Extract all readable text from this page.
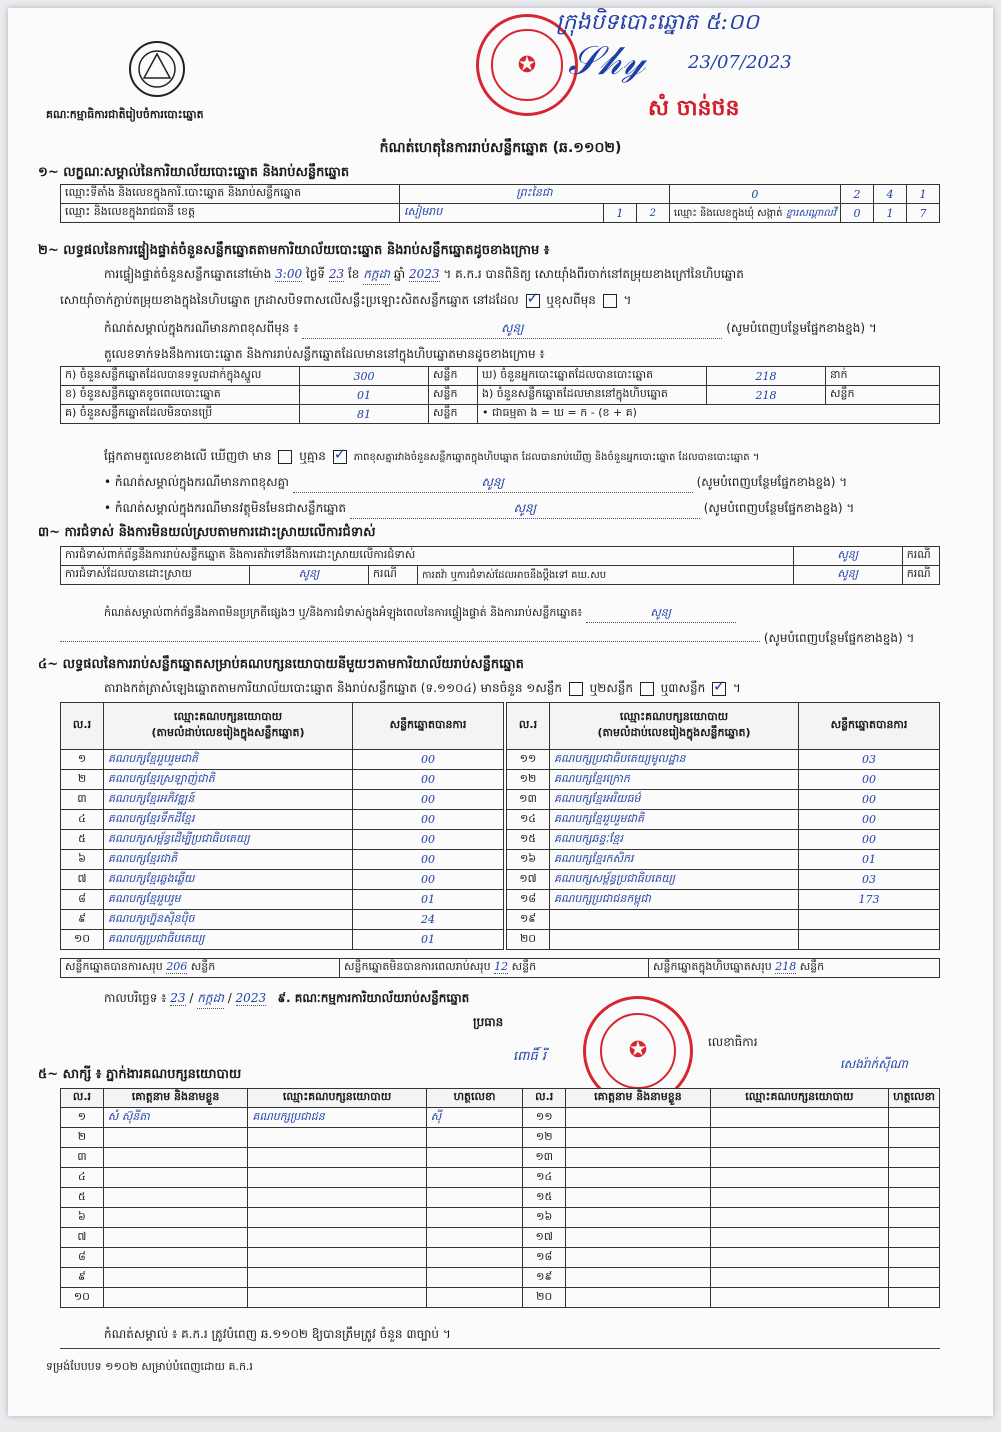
គណៈកម្មាធិការជាតិរៀបចំការបោះឆ្នោត
✪
ក្រុងបិទបោះឆ្នោត ៥:០០
𝒮𝒽𝓎 23/07/2023
សំ ចាន់ថន
កំណត់ហេតុនៃការរាប់សន្លឹកឆ្នោត (ឆ.១១០២)
១~ លក្ខណៈសម្គាល់នៃការិយាល័យបោះឆ្នោត និងរាប់សន្លឹកឆ្នោត
ឈ្មោះទីតាំង និងលេខក្នុងការិ.បោះឆ្នោត និងរាប់សន្លឹកឆ្នោត	ព្រះនៃជា			0	2	4	1
ឈ្មោះ និងលេខក្នុងរាជធានី ខេត្ត	សៀមរាប	1	2	ឈ្មោះ និងលេខក្នុងឃុំ សង្កាត់ ខ្នារសណ្តាលវី	0	1	7
២~ លទ្ធផលនៃការផ្ទៀងផ្ទាត់ចំនួនសន្លឹកឆ្នោតតាមការិយាល័យបោះឆ្នោត និងរាប់សន្លឹកឆ្នោតដូចខាងក្រោម ៖
ការផ្ទៀងផ្ទាត់ចំនួនសន្លឹកឆ្នោតនៅម៉ោង 3:00 ថ្ងៃទី 23 ខែ កក្កដា ឆ្នាំ 2023 ។ គ.ក.រ បានពិនិត្យ សោយ៉ាំងពីរចាក់នៅតម្រុយខាងក្រៅនៃហិបឆ្នោត
សោយ៉ាំចាក់ភ្ជាប់តម្រុយខាងក្នុងនៃហិបឆ្នោត ក្រដាសបិទពាសលើសន្លឹះប្រឡោះសិតសន្លឹកឆ្នោត នៅដដែល ✓ ឬខុសពីមុន  ។
កំណត់សម្គាល់ក្នុងករណីមានភាពខុសពីមុន ៖	សូន្យ	(សូមបំពេញបន្ថែមផ្នែកខាងខ្នង) ។
តួលេខទាក់ទងនឹងការបោះឆ្នោត និងការរាប់សន្លឹកឆ្នោតដែលមាននៅក្នុងហិបឆ្នោតមានដូចខាងក្រោម ៖
ក) ចំនួនសន្លឹកឆ្នោតដែលបានទទួលដាក់ក្នុងស្នួល	300	សន្លឹក	ឃ) ចំនួនអ្នកបោះឆ្នោតដែលបានបោះឆ្នោត	218	នាក់
ខ) ចំនួនសន្លឹកឆ្នោតខូចពេលបោះឆ្នោត	01	សន្លឹក	ង) ចំនួនសន្លឹកឆ្នោតដែលមាននៅក្នុងហិបឆ្នោត	218	សន្លឹក
គ) ចំនួនសន្លឹកឆ្នោតដែលមិនបានប្រើ	81	សន្លឹក	• ជាធម្មតា ង = ឃ = ក - (ខ + គ)		
ផ្អែកតាមតួលេខខាងលើ ឃើញថា មាន ឬគ្មាន ✓	ភាពខុសគ្នារវាងចំនួនសន្លឹកឆ្នោតក្នុងហិបឆ្នោត ដែលបានរាប់ឃើញ និងចំនួនអ្នកបោះឆ្នោត ដែលបានបោះឆ្នោត ។
• កំណត់សម្គាល់ក្នុងករណីមានភាពខុសគ្នា	សូន្យ	(សូមបំពេញបន្ថែមផ្នែកខាងខ្នង) ។
• កំណត់សម្គាល់ក្នុងករណីមានវត្ថុមិនមែនជាសន្លឹកឆ្នោត	សូន្យ	(សូមបំពេញបន្ថែមផ្នែកខាងខ្នង) ។
៣~ ការជំទាស់ និងការមិនយល់ស្របតាមការដោះស្រាយលើការជំទាស់
ការជំទាស់ពាក់ព័ន្ធនឹងការរាប់សន្លឹកឆ្នោត និងការតវ៉ាទៅនឹងការដោះស្រាយលើការជំទាស់				សូន្យ	ករណី
ការជំទាស់ដែលបានដោះស្រាយ	សូន្យ	ករណី	ការតវ៉ា ឬការជំទាស់ដែលអាចនឹងប្ដឹងទៅ គឃ.សប	សូន្យ	ករណី
កំណត់សម្គាល់ពាក់ព័ន្ធនឹងភាពមិនប្រក្រតីផ្សេងៗ ឬ/និងការជំទាស់ក្នុងអំឡុងពេលនៃការផ្ទៀងផ្ទាត់ និងការរាប់សន្លឹកឆ្នោត៖	សូន្យ
(សូមបំពេញបន្ថែមផ្នែកខាងខ្នង) ។
៤~ លទ្ធផលនៃការរាប់សន្លឹកឆ្នោតសម្រាប់គណបក្សនយោបាយនីមួយៗតាមការិយាល័យរាប់សន្លឹកឆ្នោត
តារាងកត់ត្រាសំឡេងឆ្នោតតាមការិយាល័យបោះឆ្នោត និងរាប់សន្លឹកឆ្នោត (ទ.១១០៤) មានចំនួន ១សន្លឹក ឬ២សន្លឹក ឬ៣សន្លឹក ✓ ។
ល.រ	ឈ្មោះគណបក្សនយោបាយ
(តាមលំដាប់លេខរៀងក្នុងសន្លឹកឆ្នោត)	សន្លឹកឆ្នោតបានការ
១	គណបក្សខ្មែររួបរួមជាតិ	00
២	គណបក្សខ្មែរស្រឡាញ់ជាតិ	00
៣	គណបក្សខ្មែរអភិវឌ្ឍន៍	00
៤	គណបក្សខ្មែរទឹកដីខ្មែរ	00
៥	គណបក្សសម្ព័ន្ធដើម្បីប្រជាធិបតេយ្យ	00
៦	គណបក្សខ្មែរជាតិ	00
៧	គណបក្សខ្មែរឆ្លងឆ្លើយ	00
៨	គណបក្សខ្មែររួបរួម	01
៩	គណបក្សហ្វ៊ុនស៊ិនប៉ិច	24
១០	គណបក្សប្រជាធិបតេយ្យ	01
ល.រ	ឈ្មោះគណបក្សនយោបាយ
(តាមលំដាប់លេខរៀងក្នុងសន្លឹកឆ្នោត)	សន្លឹកឆ្នោតបានការ
១១	គណបក្សប្រជាធិបតេយ្យមូលដ្ឋាន	03
១២	គណបក្សខ្មែរក្រោក	00
១៣	គណបក្សខ្មែរអរិយធម៌	00
១៤	គណបក្សខ្មែររួបរួមជាតិ	00
១៥	គណបក្សឆន្ទៈខ្មែរ	00
១៦	គណបក្សខ្មែរកសិករ	01
១៧	គណបក្សសម្ព័ន្ធប្រជាធិបតេយ្យ	03
១៨	គណបក្សប្រជាជនកម្ពុជា	173
១៩		
២០		
សន្លឹកឆ្នោតបានការសរុប 206 សន្លឹក	សន្លឹកឆ្នោតមិនបានការពេលរាប់សរុប 12 សន្លឹក	សន្លឹកឆ្នោតក្នុងហិបឆ្នោតសរុប 218 សន្លឹក
កាលបរិច្ឆេទ ៖ 23 / កក្កដា / 2023 ៩. គណៈកម្មការការិយាល័យរាប់សន្លឹកឆ្នោត
ប្រធាន
ពោធិ៍ រី	✪	លេខាធិការ
សេងរ៉ាក់ស៊ីណា
៥~ សាក្សី ៖ ភ្នាក់ងារគណបក្សនយោបាយ
ល.រ	គោត្តនាម និងនាមខ្លួន	ឈ្មោះគណបក្សនយោបាយ	ហត្ថលេខា	ល.រ	គោត្តនាម និងនាមខ្លួន	ឈ្មោះគណបក្សនយោបាយ	ហត្ថលេខា
១	សំ ស៊ុនីតា	គណបក្សប្រជាជន	ស៊ី	១១			
២				១២			
៣				១៣			
៤				១៤			
៥				១៥			
៦				១៦			
៧				១៧			
៨				១៨			
៩				១៩			
១០				២០			
កំណត់សម្គាល់ ៖ គ.ក.រ ត្រូវបំពេញ ឆ.១១០២ ឱ្យបានត្រឹមត្រូវ ចំនួន ៣ច្បាប់ ។
ទម្រង់បែបបទ ១១០២ សម្រាប់បំពេញដោយ គ.ក.រ
